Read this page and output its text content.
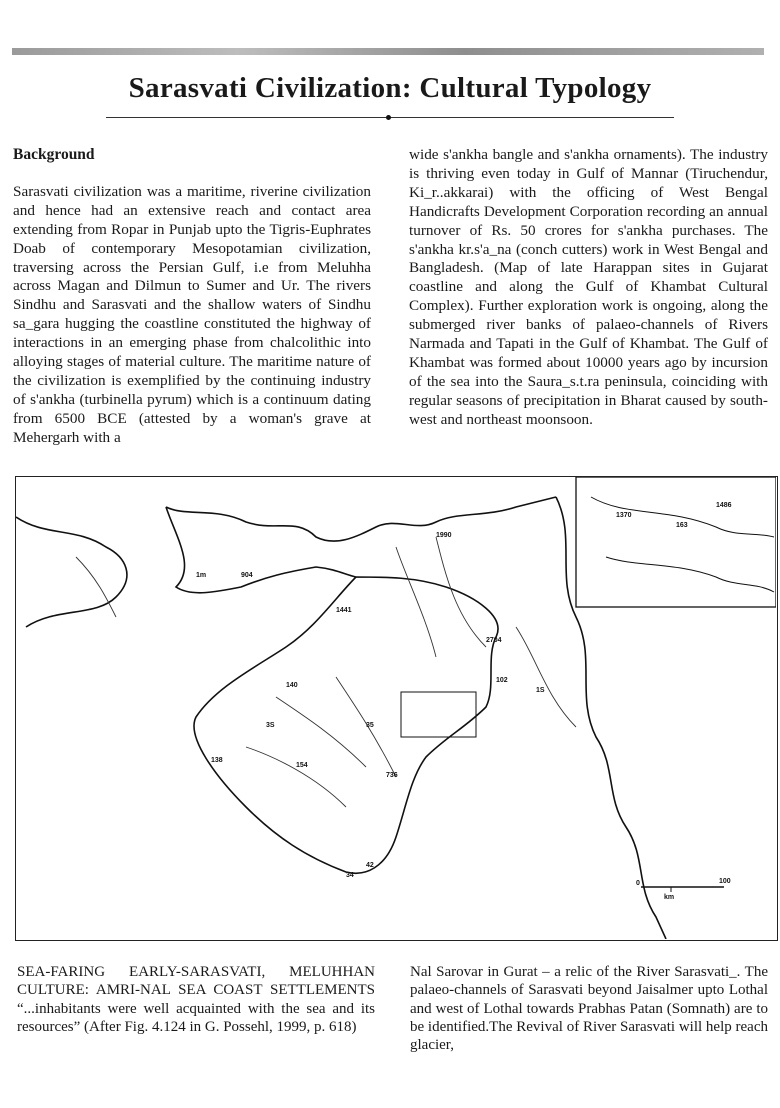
Sarasvati Civilization: Cultural Typology
Background

Sarasvati civilization was a maritime, riverine civilization and hence had an extensive reach and contact area extending from Ropar in Punjab upto the Tigris-Euphrates Doab of contemporary Mesopotamian civilization, traversing across the Persian Gulf, i.e from Meluhha across Magan and Dilmun to Sumer and Ur. The rivers Sindhu and Sarasvati and the shallow waters of Sindhu sa_gara hugging the coastline constituted the highway of interactions in an emerging phase from chalcolithic into alloying stages of material culture. The maritime nature of the civilization is exemplified by the continuing industry of s'ankha (turbinella pyrum) which is a continuum dating from 6500 BCE (attested by a woman's grave at Mehergarh with a

wide s'ankha bangle and s'ankha ornaments). The industry is thriving even today in Gulf of Mannar (Tiruchendur, Ki_r..akkarai) with the officing of West Bengal Handicrafts Development Corporation recording an annual turnover of Rs. 50 crores for s'ankha purchases. The s'ankha kr.s'a_na (conch cutters) work in West Bengal and Bangladesh. (Map of late Harappan sites in Gujarat coastline and along the Gulf of Khambat Cultural Complex). Further exploration work is ongoing, along the submerged river banks of palaeo-channels of Rivers Narmada and Tapati in the Gulf of Khambat. The Gulf of Khambat was formed about 10000 years ago by incursion of the sea into the Saura_s.t.ra peninsula, coinciding with regular seasons of precipitation in Bharat caused by south-west and northeast moonsoon.

1m	904
1990
1441
140
3S
2704
35
102
34
42
736
1370
163
1486
138
154
1S
0	100
km
SEA-FARING EARLY-SARASVATI, MELUHHAN CULTURE: AMRI-NAL SEA COAST SETTLEMENTS “...inhabitants were well acquainted with the sea and its resources” (After Fig. 4.124 in G. Possehl, 1999, p. 618)
Nal Sarovar in Gurat – a relic of the River Sarasvati_. The palaeo-channels of Sarasvati beyond Jaisalmer upto Lothal and west of Lothal towards Prabhas Patan (Somnath) are to be identified.The Revival of River Sarasvati will help reach glacier,
